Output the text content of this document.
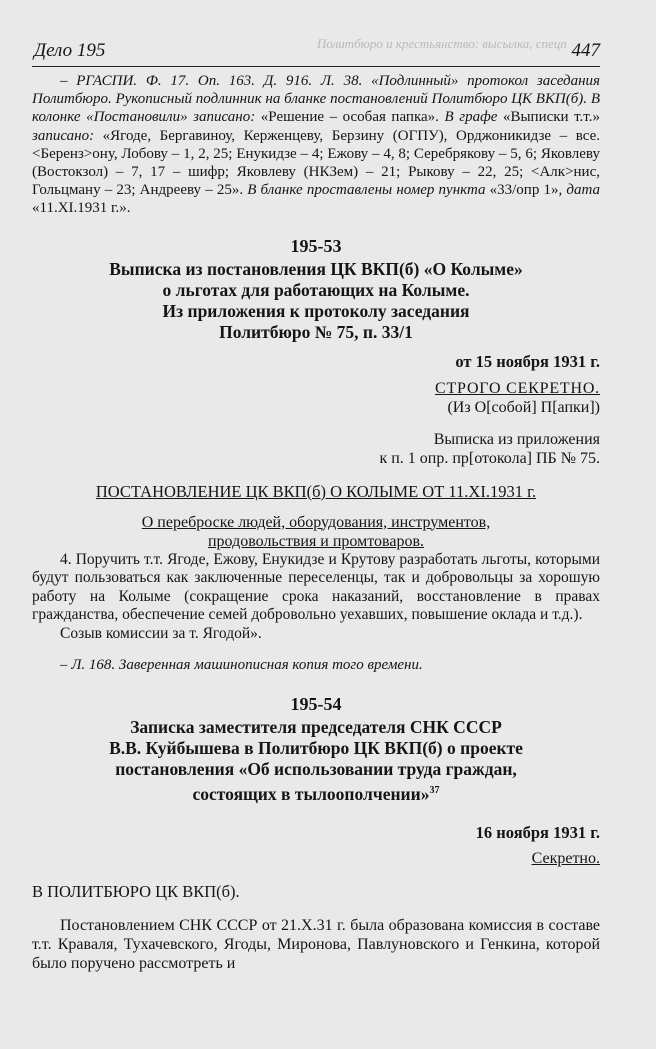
Политбюро и крестьянство: высылка, спецп
Дело 195	447

– РГАСПИ. Ф. 17. Оп. 163. Д. 916. Л. 38. «Подлинный» протокол заседания Политбюро. Рукописный подлинник на бланке постановлений Политбюро ЦК ВКП(б). В колонке «Постановили» записано: «Решение – особая папка». В графе «Выписки т.т.» записано: «Ягоде, Бергавиноу, Керженцеву, Берзину (ОГПУ), Орджоникидзе – все. <Беренз>ону, Лобову – 1, 2, 25; Енукидзе – 4; Ежову – 4, 8; Серебрякову – 5, 6; Яковлеву (Востокзол) – 7, 17 – шифр; Яковлеву (НКЗем) – 21; Рыкову – 22, 25; <Алк>нис, Гольцману – 23; Андрееву – 25». В бланке проставлены номер пункта «33/опр 1», дата «11.XI.1931 г.».

195-53

Выписка из постановления ЦК ВКП(б) «О Колыме»
о льготах для работающих на Колыме.
Из приложения к протоколу заседания
Политбюро № 75, п. 33/1

от 15 ноября 1931 г.

СТРОГО СЕКРЕТНО.

(Из О[собой] П[апки])

Выписка из приложения

к п. 1 опр. пр[отокола] ПБ № 75.

ПОСТАНОВЛЕНИЕ ЦК ВКП(б) О КОЛЫМЕ ОТ 11.XI.1931 г.

О переброске людей, оборудования, инструментов,

продовольствия и промтоваров.

4. Поручить т.т. Ягоде, Ежову, Енукидзе и Крутову разработать льготы, которыми будут пользоваться как заключенные переселенцы, так и добровольцы за хорошую работу на Колыме (сокращение срока наказаний, восстановление в правах гражданства, обеспечение семей добровольно уехавших, повышение оклада и т.д.).

Созыв комиссии за т. Ягодой».

– Л. 168. Заверенная машинописная копия того времени.

195-54

Записка заместителя председателя СНК СССР
В.В. Куйбышева в Политбюро ЦК ВКП(б) о проекте
постановления «Об использовании труда граждан,
состоящих в тылоополчении»$^{37}$

16 ноября 1931 г.

Секретно.

В ПОЛИТБЮРО ЦК ВКП(б).

Постановлением СНК СССР от 21.X.31 г. была образована комиссия в составе т.т. Кравaля, Тухачевского, Ягоды, Миронова, Павлуновского и Генкина, которой было поручено рассмотреть и
